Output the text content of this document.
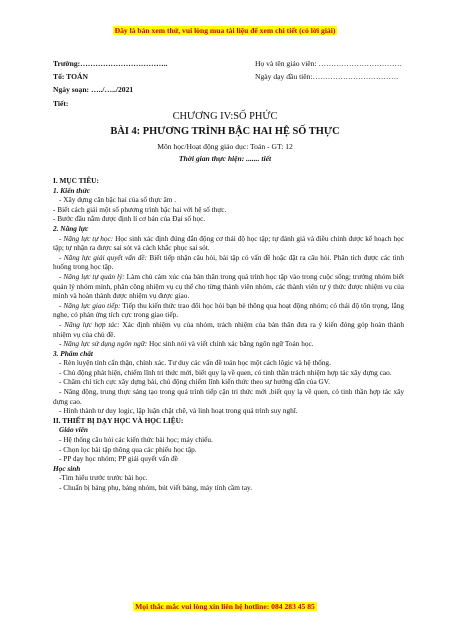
Đây là bản xem thử, vui lòng mua tài liệu để xem chi tiết (có lời giải)
Trường:……………………………..
Tổ: TOÁN
Ngày soạn: …../…../2021
Tiết:
Họ và tên giáo viên: ……………………………
Ngày dạy đầu tiên:…………………………….
CHƯƠNG IV:SỐ PHỨC
BÀI 4: PHƯƠNG TRÌNH BẬC HAI HỆ SỐ THỰC
Môn học/Hoạt động giáo dục: Toán - GT: 12
Thời gian thực hiện: ....... tiết

I. MỤC TIÊU:

1. Kiến thức

- Xây dựng căn bậc hai của số thực âm .

- Biết cách giải một số phương trình bậc hai với hệ số thực.

- Bước đầu nắm được định lí cơ bản của Đại số học.

2. Năng lực

- Năng lực tự học: Học sinh xác định đúng đắn động cơ thái độ học tập; tự đánh giá và điều chỉnh được kế hoạch học tập; tự nhận ra được sai sót và cách khắc phục sai sót.

- Năng lực giải quyết vấn đề: Biết tiếp nhận câu hỏi, bài tập có vấn đề hoặc đặt ra câu hỏi. Phân tích được các tình huống trong học tập.

- Năng lực tự quản lý: Làm chủ cảm xúc của bản thân trong quá trình học tập vào trong cuộc sống; trưởng nhóm biết quản lý nhóm mình, phân công nhiệm vụ cụ thể cho từng thành viên nhóm, các thành viên tự ý thức được nhiệm vụ của mình và hoàn thành được nhiệm vụ được giao.

- Năng lực giao tiếp: Tiếp thu kiến thức trao đổi học hỏi bạn bè thông qua hoạt động nhóm; có thái độ tôn trọng, lắng nghe, có phản ứng tích cực trong giao tiếp.

- Năng lực hợp tác: Xác định nhiệm vụ của nhóm, trách nhiệm của bản thân đưa ra ý kiến đóng góp hoàn thành nhiệm vụ của chủ đề.

- Năng lực sử dụng ngôn ngữ: Học sinh nói và viết chính xác bằng ngôn ngữ Toán học.

3. Phẩm chất

- Rèn luyện tính cẩn thận, chính xác. Tư duy các vấn đề toán học một cách lôgic và hệ thống.

- Chủ động phát hiện, chiếm lĩnh tri thức mới, biết quy lạ về quen, có tinh thần trách nhiệm hợp tác xây dựng cao.

- Chăm chỉ tích cực xây dựng bài, chủ động chiếm lĩnh kiến thức theo sự hướng dẫn của GV.

- Năng động, trung thực sáng tạo trong quá trình tiếp cận tri thức mới ,biết quy lạ về quen, có tinh thần hợp tác xây dựng cao.

- Hình thành tư duy logic, lập luận chặt chẽ, và linh hoạt trong quá trình suy nghĩ.

II. THIẾT BỊ DẠY HỌC VÀ HỌC LIỆU:

Giáo viên

- Hệ thống câu hỏi các kiến thức bài học; máy chiếu.

- Chọn lọc bài tập thông qua các phiếu học tập.

- PP dạy học nhóm; PP giải quyết vấn đề

Học sinh

-Tìm hiểu trước trước bài học.

- Chuẩn bị bảng phụ, bảng nhóm, bút viết bảng, máy tính cầm tay.

Mọi thắc mắc vui lòng xin liên hệ hotline: 084 283 45 85
